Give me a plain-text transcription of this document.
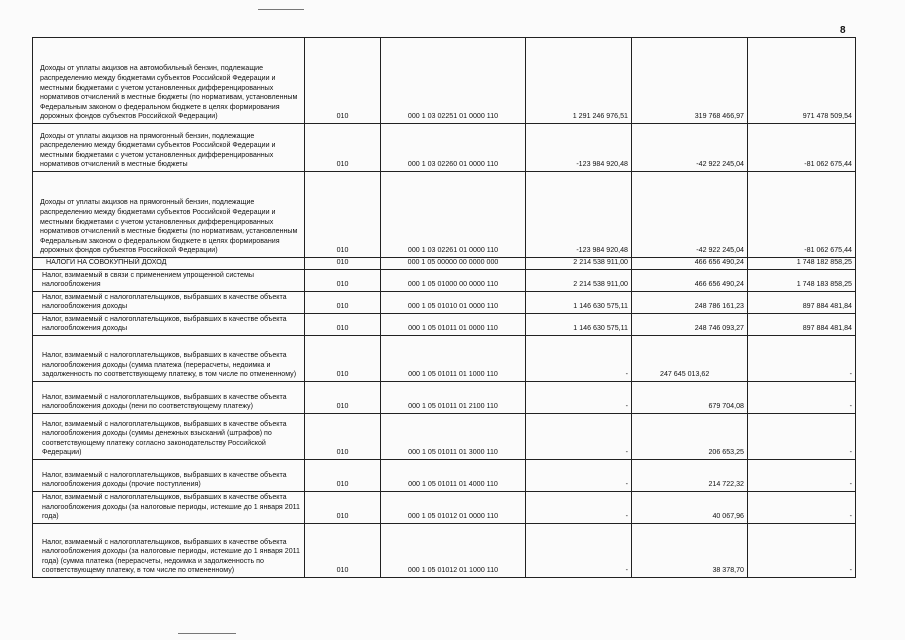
8
Доходы от уплаты акцизов на автомобильный бензин, подлежащие распределению между бюджетами субъектов Российской Федерации и местными бюджетами с учетом установленных дифференцированных нормативов отчислений в местные бюджеты (по нормативам, установленным Федеральным законом о федеральном бюджете в целях формирования дорожных фондов субъектов Российской Федерации)	010	000 1 03 02251 01 0000 110	1 291 246 976,51	319 768 466,97	971 478 509,54

Доходы от уплаты акцизов на прямогонный бензин, подлежащие распределению между бюджетами субъектов Российской Федерации и местными бюджетами с учетом установленных дифференцированных нормативов отчислений в местные бюджеты	010	000 1 03 02260 01 0000 110	-123 984 920,48	-42 922 245,04	-81 062 675,44

Доходы от уплаты акцизов на прямогонный бензин, подлежащие распределению между бюджетами субъектов Российской Федерации и местными бюджетами с учетом установленных дифференцированных нормативов отчислений в местные бюджеты (по нормативам, установленным Федеральным законом о федеральном бюджете в целях формирования дорожных фондов субъектов Российской Федерации)	010	000 1 03 02261 01 0000 110	-123 984 920,48	-42 922 245,04	-81 062 675,44

НАЛОГИ НА СОВОКУПНЫЙ ДОХОД	010	000 1 05 00000 00 0000 000	2 214 538 911,00	466 656 490,24	1 748 182 858,25

Налог, взимаемый в связи с применением упрощенной системы налогообложения	010	000 1 05 01000 00 0000 110	2 214 538 911,00	466 656 490,24	1 748 183 858,25

Налог, взимаемый с налогоплательщиков, выбравших в качестве объекта налогообложения доходы	010	000 1 05 01010 01 0000 110	1 146 630 575,11	248 786 161,23	897 884 481,84

Налог, взимаемый с налогоплательщиков, выбравших в качестве объекта налогообложения доходы	010	000 1 05 01011 01 0000 110	1 146 630 575,11	248 746 093,27	897 884 481,84

Налог, взимаемый с налогоплательщиков, выбравших в качестве объекта налогообложения доходы (сумма платежа (перерасчеты, недоимка и задолженность по соответствующему платежу, в том числе по отмененному)	010	000 1 05 01011 01 1000 110	-	247 645 013,62	-

Налог, взимаемый с налогоплательщиков, выбравших в качестве объекта налогообложения доходы (пени по соответствующему платежу)	010	000 1 05 01011 01 2100 110	-	679 704,08	-

Налог, взимаемый с налогоплательщиков, выбравших в качестве объекта налогообложения доходы (суммы денежных взысканий (штрафов) по соответствующему платежу согласно законодательству Российской Федерации)	010	000 1 05 01011 01 3000 110	-	206 653,25	-

Налог, взимаемый с налогоплательщиков, выбравших в качестве объекта налогообложения доходы (прочие поступления)	010	000 1 05 01011 01 4000 110	-	214 722,32	-

Налог, взимаемый с налогоплательщиков, выбравших в качестве объекта налогообложения доходы (за налоговые периоды, истекшие до 1 января 2011 года)	010	000 1 05 01012 01 0000 110	-	40 067,96	-

Налог, взимаемый с налогоплательщиков, выбравших в качестве объекта налогообложения доходы (за налоговые периоды, истекшие до 1 января 2011 года) (сумма платежа (перерасчеты, недоимка и задолженность по соответствующему платежу, в том числе по отмененному)	010	000 1 05 01012 01 1000 110	-	38 378,70	-
